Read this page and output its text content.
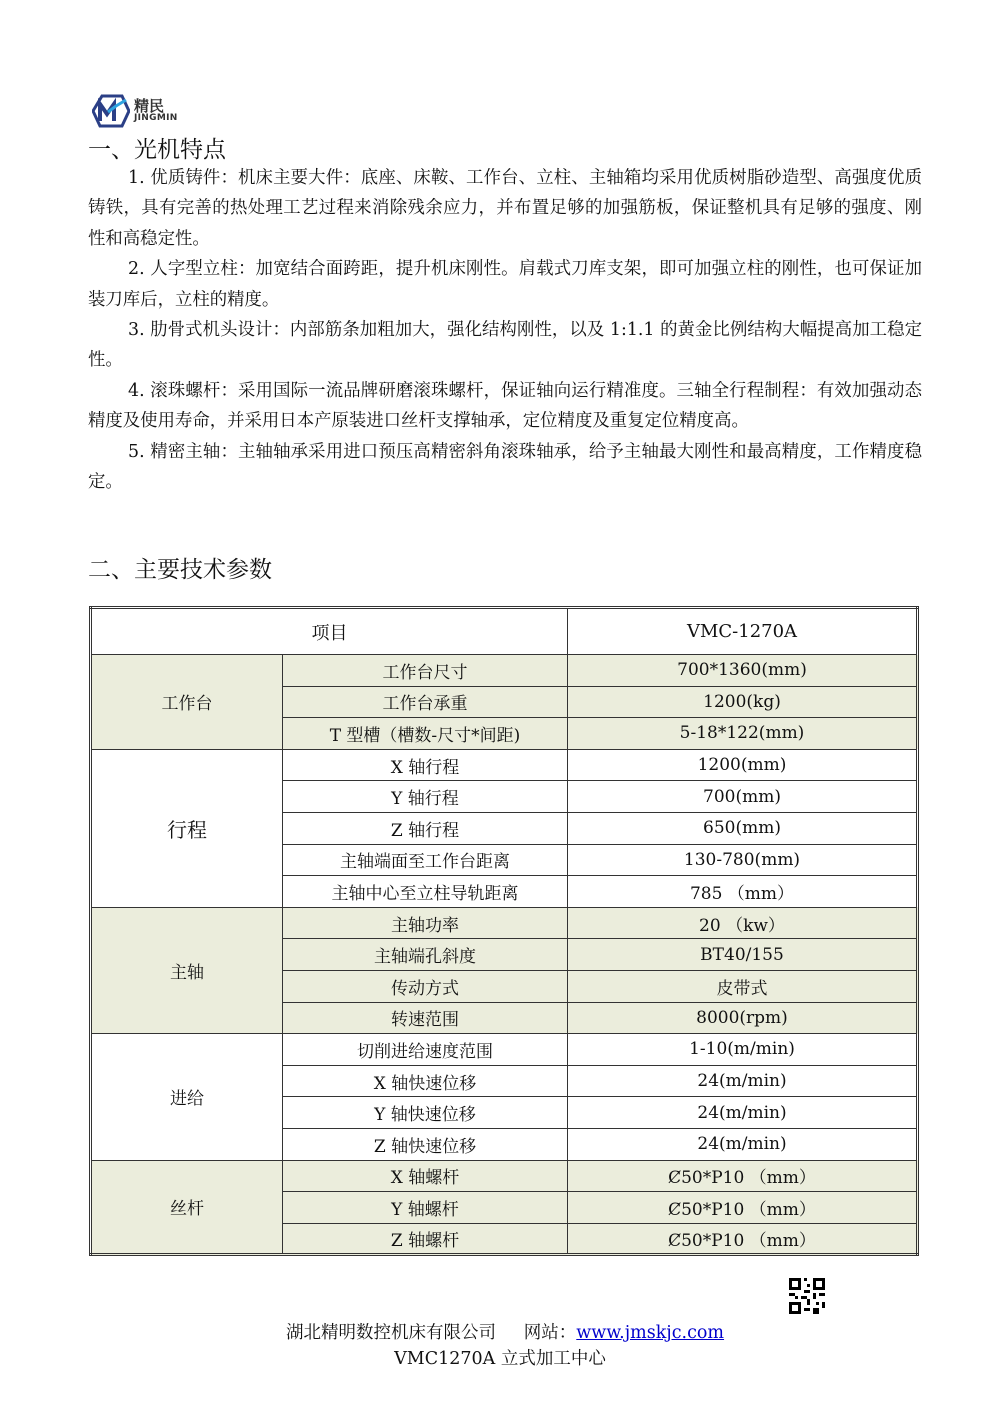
精民
JINGMIN
一、光机特点

1. 优质铸件：机床主要大件：底座、床鞍、工作台、立柱、主轴箱均采用优质树脂砂造型、高强度优质铸铁，具有完善的热处理工艺过程来消除残余应力，并布置足够的加强筋板，保证整机具有足够的强度、刚性和高稳定性。

2. 人字型立柱：加宽结合面跨距，提升机床刚性。肩载式刀库支架，即可加强立柱的刚性，也可保证加装刀库后，立柱的精度。

3. 肋骨式机头设计：内部筋条加粗加大，强化结构刚性，以及 1:1.1 的黄金比例结构大幅提高加工稳定性。

4. 滚珠螺杆：采用国际一流品牌研磨滚珠螺杆，保证轴向运行精准度。三轴全行程制程：有效加强动态精度及使用寿命，并采用日本产原装进口丝杆支撑轴承，定位精度及重复定位精度高。

5. 精密主轴：主轴轴承采用进口预压高精密斜角滚珠轴承，给予主轴最大刚性和最高精度，工作精度稳定。

二、主要技术参数
项目		VMC-1270A
工作台	工作台尺寸	700*1360(mm)
	工作台承重	1200(kg)
	T 型槽（槽数-尺寸*间距)	5-18*122(mm)
行程	X 轴行程	1200(mm)
	Y 轴行程	700(mm)
	Z 轴行程	650(mm)
	主轴端面至工作台距离	130-780(mm)
	主轴中心至立柱导轨距离	785 （mm）
主轴	主轴功率	20 （kw）
	主轴端孔斜度	BT40/155
	传动方式	皮带式
	转速范围	8000(rpm)
进给	切削进给速度范围	1-10(m/min)
	X 轴快速位移	24(m/min)
	Y 轴快速位移	24(m/min)
	Z 轴快速位移	24(m/min)
丝杆	X 轴螺杆	Ȼ50*P10 （mm）
	Y 轴螺杆	Ȼ50*P10 （mm）
	Z 轴螺杆	Ȼ50*P10 （mm）
湖北精明数控机床有限公司 网站：www.jmskjc.com
VMC1270A 立式加工中心
